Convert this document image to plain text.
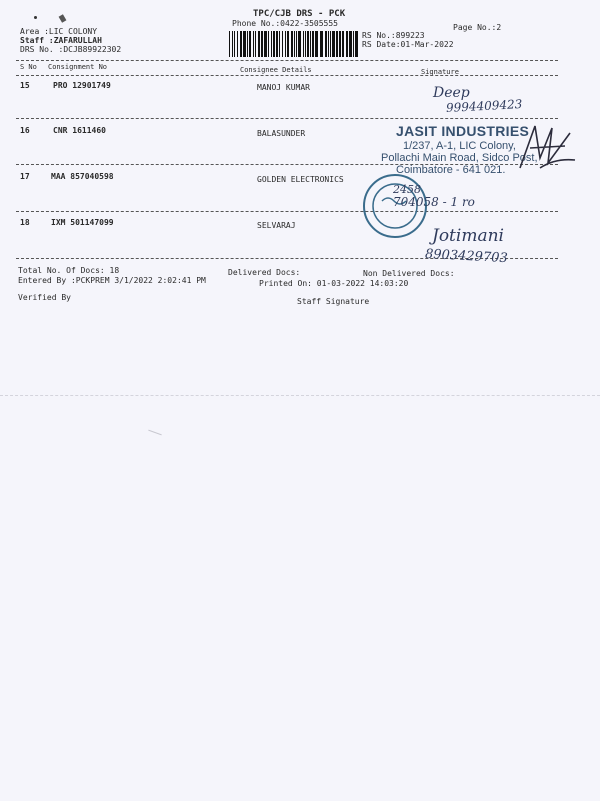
Area :LIC COLONY
Staff :ZAFARULLAH
DRS No. :DCJB89922302
TPC/CJB DRS - PCK
Phone No.:0422-3505555
RS No.:899223
RS Date:01-Mar-2022
Page No.:2
S No Consignment No	Consignee Details	Signature
15	PRO 12901749	MANOJ KUMAR
16	CNR 1611460	BALASUNDER
17	MAA 857040598	GOLDEN ELECTRONICS
18	IXM 501147099	SELVARAJ
JASIT INDUSTRIES
1/237, A-1, LIC Colony,
Pollachi Main Road, Sidco Post,
Coimbatore - 641 021.
Deep
9994409423
2458
704058 - 1 ro
Jotimani
8903429703
Total No. Of Docs: 18	Delivered Docs:	Non Delivered Docs:
Entered By :PCKPREM 3/1/2022 2:02:41 PM	Printed On: 01-03-2022 14:03:20
Verified By	Staff Signature
